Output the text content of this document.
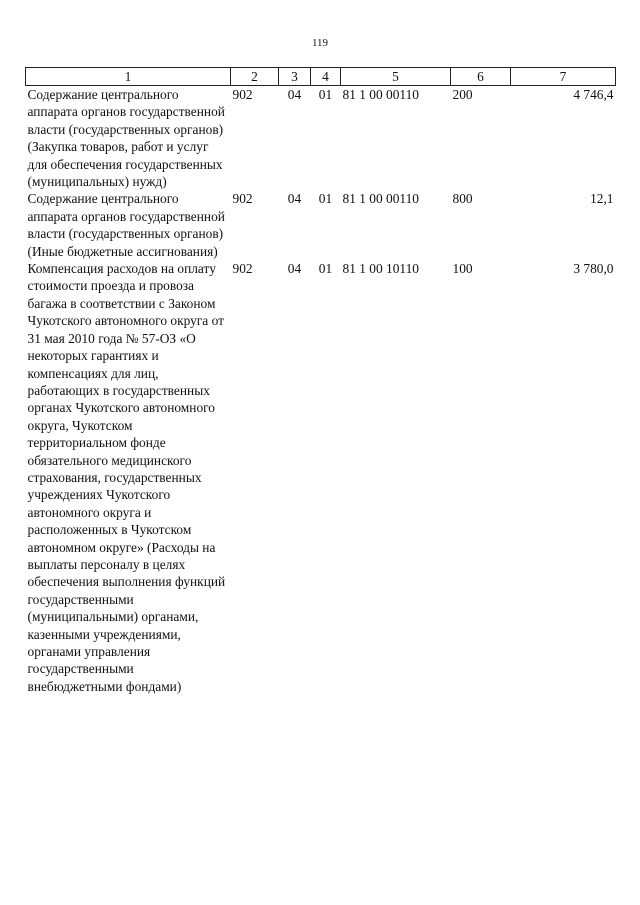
119
1	2	3	4	5	6	7
Содержание центрального аппарата органов государственной власти (государственных органов) (Закупка товаров, работ и услуг для обеспечения государственных (муниципальных) нужд)	902	04	01	81 1 00 00110	200	4 746,4
Содержание центрального аппарата органов государственной власти (государственных органов) (Иные бюджетные ассигнования)	902	04	01	81 1 00 00110	800	12,1
Компенсация расходов на оплату стоимости проезда и провоза багажа в соответствии с Законом Чукотского автономного округа от 31 мая 2010 года № 57-ОЗ «О некоторых гарантиях и компенсациях для лиц, работающих в государственных органах Чукотского автономного округа, Чукотском территориальном фонде обязательного медицинского страхования, государственных учреждениях Чукотского автономного округа и расположенных в Чукотском автономном округе» (Расходы на выплаты персоналу в целях обеспечения выполнения функций государственными (муниципальными) органами, казенными учреждениями, органами управления государственными внебюджетными фондами)	902	04	01	81 1 00 10110	100	3 780,0
